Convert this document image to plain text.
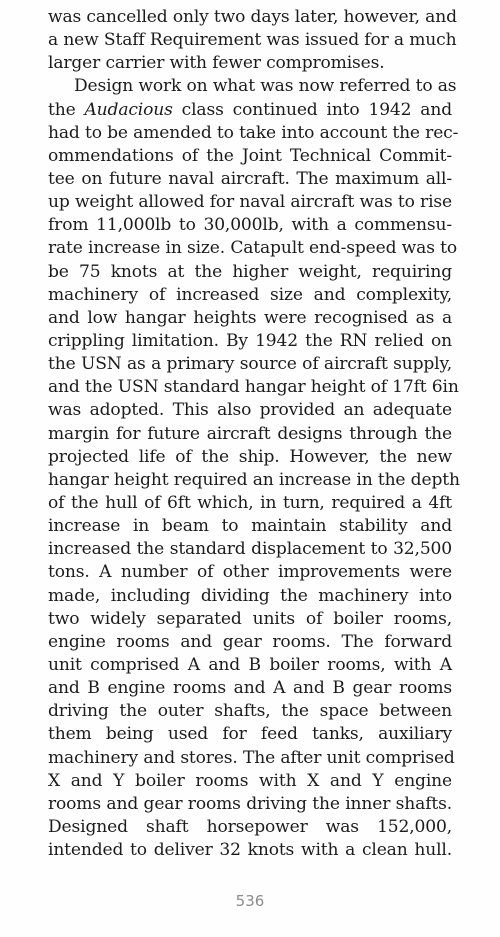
was cancelled only two days later, however, and
a new Staff Requirement was issued for a much
larger carrier with fewer compromises.
Design work on what was now referred to as
the Audacious class continued into 1942 and
had to be amended to take into account the rec-
ommendations of the Joint Technical Commit-
tee on future naval aircraft. The maximum all-
up weight allowed for naval aircraft was to rise
from 11,000lb to 30,000lb, with a commensu-
rate increase in size. Catapult end-speed was to
be 75 knots at the higher weight, requiring
machinery of increased size and complexity,
and low hangar heights were recognised as a
crippling limitation. By 1942 the RN relied on
the USN as a primary source of aircraft supply,
and the USN standard hangar height of 17ft 6in
was adopted. This also provided an adequate
margin for future aircraft designs through the
projected life of the ship. However, the new
hangar height required an increase in the depth
of the hull of 6ft which, in turn, required a 4ft
increase in beam to maintain stability and
increased the standard displacement to 32,500
tons. A number of other improvements were
made, including dividing the machinery into
two widely separated units of boiler rooms,
engine rooms and gear rooms. The forward
unit comprised A and B boiler rooms, with A
and B engine rooms and A and B gear rooms
driving the outer shafts, the space between
them being used for feed tanks, auxiliary
machinery and stores. The after unit comprised
X and Y boiler rooms with X and Y engine
rooms and gear rooms driving the inner shafts.
Designed shaft horsepower was 152,000,
intended to deliver 32 knots with a clean hull.
536
